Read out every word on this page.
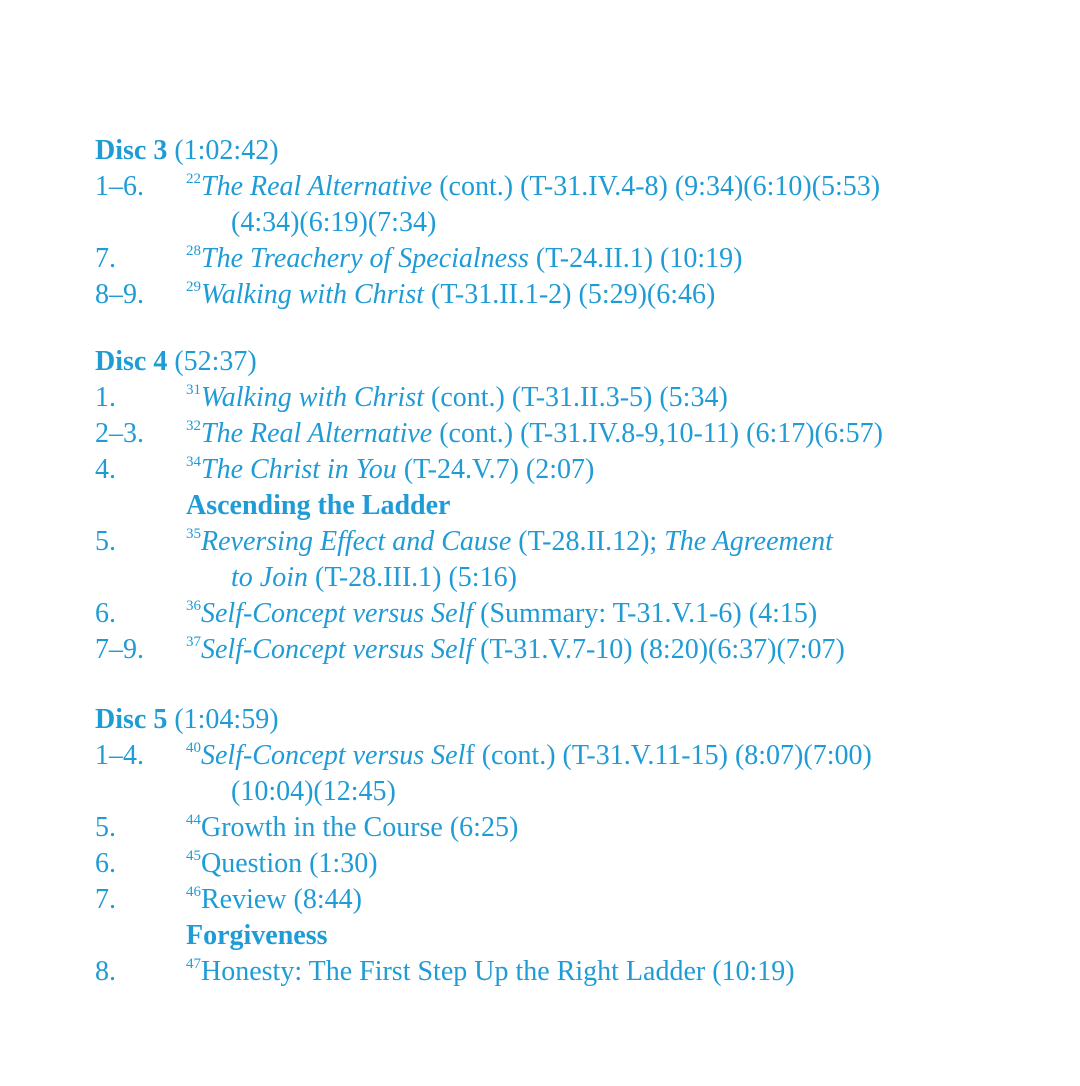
Disc 3 (1:02:42)
1–6.	$^{22}$The Real Alternative (cont.) (T-31.IV.4-8) (9:34)(6:10)(5:53)
(4:34)(6:19)(7:34)
7.	$^{28}$The Treachery of Specialness (T-24.II.1) (10:19)
8–9.	$^{29}$Walking with Christ (T-31.II.1-2) (5:29)(6:46)
Disc 4 (52:37)
1.	$^{31}$Walking with Christ (cont.) (T-31.II.3-5) (5:34)
2–3.	$^{32}$The Real Alternative (cont.) (T-31.IV.8-9,10-11) (6:17)(6:57)
4.	$^{34}$The Christ in You (T-24.V.7) (2:07)
Ascending the Ladder
5.	$^{35}$Reversing Effect and Cause (T-28.II.12); The Agreement
to Join (T-28.III.1) (5:16)
6.	$^{36}$Self-Concept versus Self (Summary: T-31.V.1-6) (4:15)
7–9.	$^{37}$Self-Concept versus Self (T-31.V.7-10) (8:20)(6:37)(7:07)
Disc 5 (1:04:59)
1–4.	$^{40}$Self-Concept versus Self (cont.) (T-31.V.11-15) (8:07)(7:00)
(10:04)(12:45)
5.	$^{44}$Growth in the Course (6:25)
6.	$^{45}$Question (1:30)
7.	$^{46}$Review (8:44)
Forgiveness
8.	$^{47}$Honesty: The First Step Up the Right Ladder (10:19)
